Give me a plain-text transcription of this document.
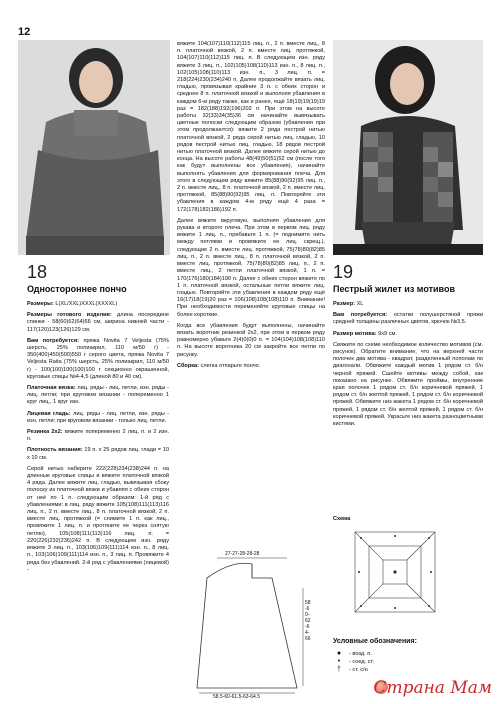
12
18
Одностороннее пончо
Размеры: L(XL/XXL)XXXL(XXXXL)
Размеры готового изделия: длина посередине спинки - 58(60)62(64)66 см, ширина нижней части - 117(120)123(126)129 см.
Вам потребуется: пряжа Novita 7 Veljesta (75% шерсть, 25% полиакрил, 110 м/50 г) - 350(400)450(500)550 г серого цвета, пряжа Novita 7 Veljesta Raita (75% шерсть, 25% полиакрил, 110 м/50 г) - 100(100)100(100)100 г секционно окрашенной, круговые спицы №4-4,5 (длиной 80 и 40 см).
Платочная вязка: лиц. ряды - лиц. петли, изн. ряды - лиц. петли; при круговом вязании - попеременно 1 круг лиц., 1 круг изн.
Лицевая гладь: лиц. ряды - лиц. петли, изн. ряды - изн. петли; при круговом вязании - только лиц. петли.
Резинка 2x2: вяжите попеременно 2 лиц. п. и 2 изн. п.
Плотность вязания: 19 п. x 25 рядов лиц. глади = 10 x 10 см.
Серой нитью наберите 222(228)234(238)244 п. на длинные круговые спицы и вяжите платочной вязкой 4 ряда. Далее вяжите лиц. гладью, вывязывая сбоку полоску из платочной вязки и убавляя с обеих сторон от неё по 1 п. следующим образом: 1-й ряд с убавлениями: в лиц. ряду вяжите 105(108)111(113)116 лиц. п., 2 п. вместе лиц., 8 п. платочной вязкой, 2 п. вместе лиц. протяжкой (= снимите 1 п. как лиц., провяжите 1 лиц. п. и протяните ее через снятую петлю), 105(108)111(113)116 лиц. п. = 220(226)232(236)242 п. В следующем изн. ряду вяжите 3 лиц. п., 103(106)109(111)114 изн. п., 8 лиц. п., 103(106)109(111)114 изн. п., 3 лиц. п. Провяжите 4 ряда без убавлений. 2-й ряд с убавлениями (лицевой) -
вяжите 104(107)110(112)115 лиц. п., 2 п. вместе лиц., 8 п. платочной вязкой, 2 п. вместе лиц. протяжкой, 104(107)110(112)115 лиц. п. В следующем изн. ряду вяжите 3 лиц. п., 102(105)108(110)113 изн. п., 8 лиц. п., 102(105)108(110)113 изн. п., 3 лиц. п. = 218(224)230(234)240 п. Далее продолжайте вязать лиц. гладью, провязывая крайние 3 п. с обеих сторон и среднее 8 п. платочной вязкой и выполняя убавления в каждом 6-м ряду также, как и ранее, ещё 18(19)19(19)19 раз = 182(188)192(196)202 п. При этом на высоте работы 32(33)34(35)36 см начинайте вывязывать цветные полоски следующим образом (убавления при этом продолжаются): вяжите 2 ряда пестрой нитью платочной вязкой, 2 ряда серой нитью лиц. гладью, 10 рядов пестрой нитью лиц. гладью, 18 рядов пестрой нитью платочной вязкой. Далее вяжите серой нитью до конца. На высоте работы 48(49)50(51)52 см (после того как будут выполнены все убавления), начинайте выполнять убавления для формирования плеча. Для этого в следующем ряду вяжите 85(88)90(92)95 лиц. п., 2 п. вместе лиц., 8 п. платочной вязкой, 2 п. вместе лиц. протяжкой, 85(88)90(92)95 лиц. п. Повторяйте эти убавления в каждом 4-м ряду ещё 4 раза = 172(178)182(186)192 п.
Далее вяжите вкруговую, выполняя убавления для рукава и второго плеча. При этом в первом лиц. ряду вяжите 1 лиц. п., прибавьте 1 п. (= поднимите нить между петлями и провяжите ее лиц. скрещ.), следующие 2 п. вместе лиц. протяжкой, 75(78)80(82)85 лиц. п., 2 п. вместе лиц., 8 п. платочной вязкой, 2 п. вместе лиц. протяжкой, 75(78)80(82)85 лиц. п., 2 п. вместе лиц., 2 петли платочной вязкой, 1 п. = 170(176)180(184)190 п. Далее с обеих сторон вяжите по 1 п. платочной вязкой, остальные петли вяжите лиц. гладью. Повторяйте эти убавления в каждом ряду ещё 16(17)18(19)20 раз = 106(108)108(108)110 п. Внимание! При необходимости переменяйте круговые спицы на более короткие.
Когда все убавления будут выполнены, начинайте вязать воротник резинкой 2x2, при этом в первом ряду равномерно убавьте 2(4)0(0)0 п. = 104(104)108(108)110 п. На высоте воротника 20 см закройте все петли по рисунку.
Сборка: слегка отпарьте пончо.
27-27-28-28-28
58,5-60-61,5-63-64,5
58-60-62-64-66
19
Пестрый жилет из мотивов
Размер: XL
Вам потребуется: остатки полушерстяной пряжи средней толщины различных цветов, крючок №3,5.
Размер мотива: 9x9 см.
Свяжите по схеме необходимое количество мотивов (см. рисунок). Обратите внимание, что на верхней части полочек два мотива - квадрат, разделенный пополам по диагонали. Обвяжите каждый мотив 1 рядом ст. б/н черной пряжей. Сшейте мотивы между собой, как показано на рисунке. Обвяжите проймы, внутренние края полочек 1 рядом ст. б/н коричневой пряжей, 1 рядом ст. б/н желтой пряжей, 1 рядом ст. б/н коричневой пряжей. Обвяжите низ жакета 1 рядом ст. б/н коричневой пряжей, 1 рядом ст. б/н желтой пряжей, 1 рядом ст. б/н коричневой пряжей. Украсьте низ жакета разноцветными кистями.
Схема
Условные обозначения:
●	- возд. п.
•	- соед. ст.
†	- ст. с/н
Страна Мам
